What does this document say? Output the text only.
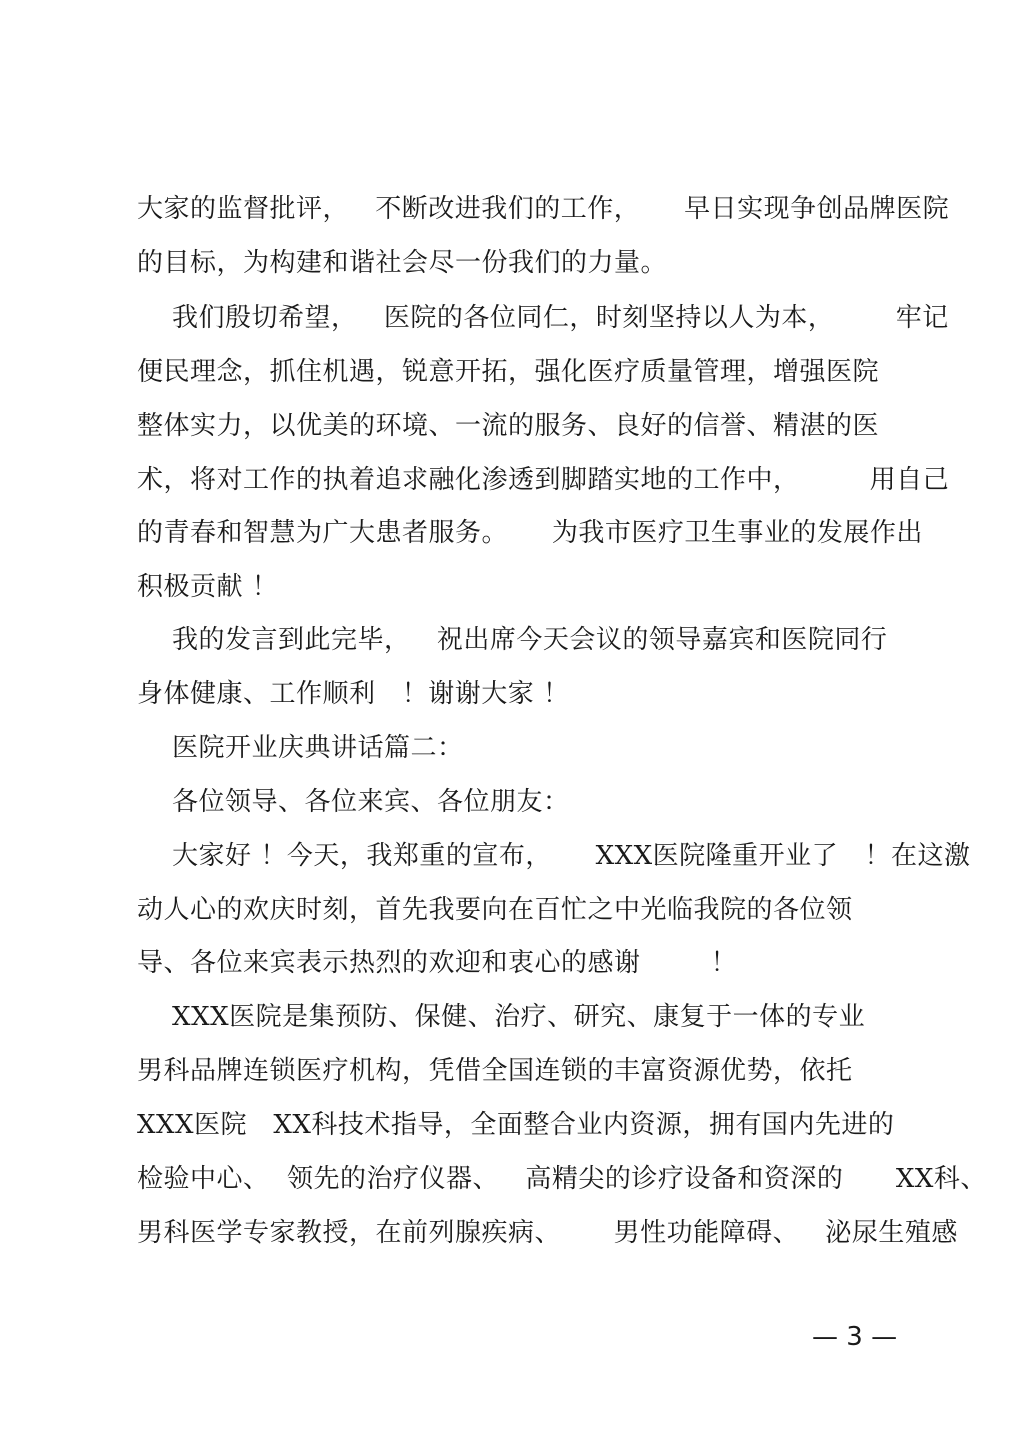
大家的监督批评，   不断改进我们的工作，     早日实现争创品牌医院
的目标，为构建和谐社会尽一份我们的力量。
我们殷切希望，   医院的各位同仁，时刻坚持以人为本，       牢记
便民理念，抓住机遇，锐意开拓，强化医疗质量管理，增强医院
整体实力，以优美的环境、一流的服务、良好的信誉、精湛的医
术，将对工作的执着追求融化渗透到脚踏实地的工作中，        用自己
的青春和智慧为广大患者服务。     为我市医疗卫生事业的发展作出
积极贡献 ！
我的发言到此完毕，   祝出席今天会议的领导嘉宾和医院同行
身体健康、工作顺利   ！谢谢大家 ！
医院开业庆典讲话篇二：
各位领导、各位来宾、各位朋友：
大家好 ！今天，我郑重的宣布，     XXX医院隆重开业了   ！在这激
动人心的欢庆时刻，首先我要向在百忙之中光临我院的各位领
导、各位来宾表示热烈的欢迎和衷心的感谢        ！
XXX医院是集预防、保健、治疗、研究、康复于一体的专业
男科品牌连锁医疗机构，凭借全国连锁的丰富资源优势，依托
XXX医院   XX科技术指导，全面整合业内资源，拥有国内先进的
检验中心、  领先的治疗仪器、   高精尖的诊疗设备和资深的      XX科、
男科医学专家教授，在前列腺疾病、      男性功能障碍、   泌尿生殖感
— 3 —
